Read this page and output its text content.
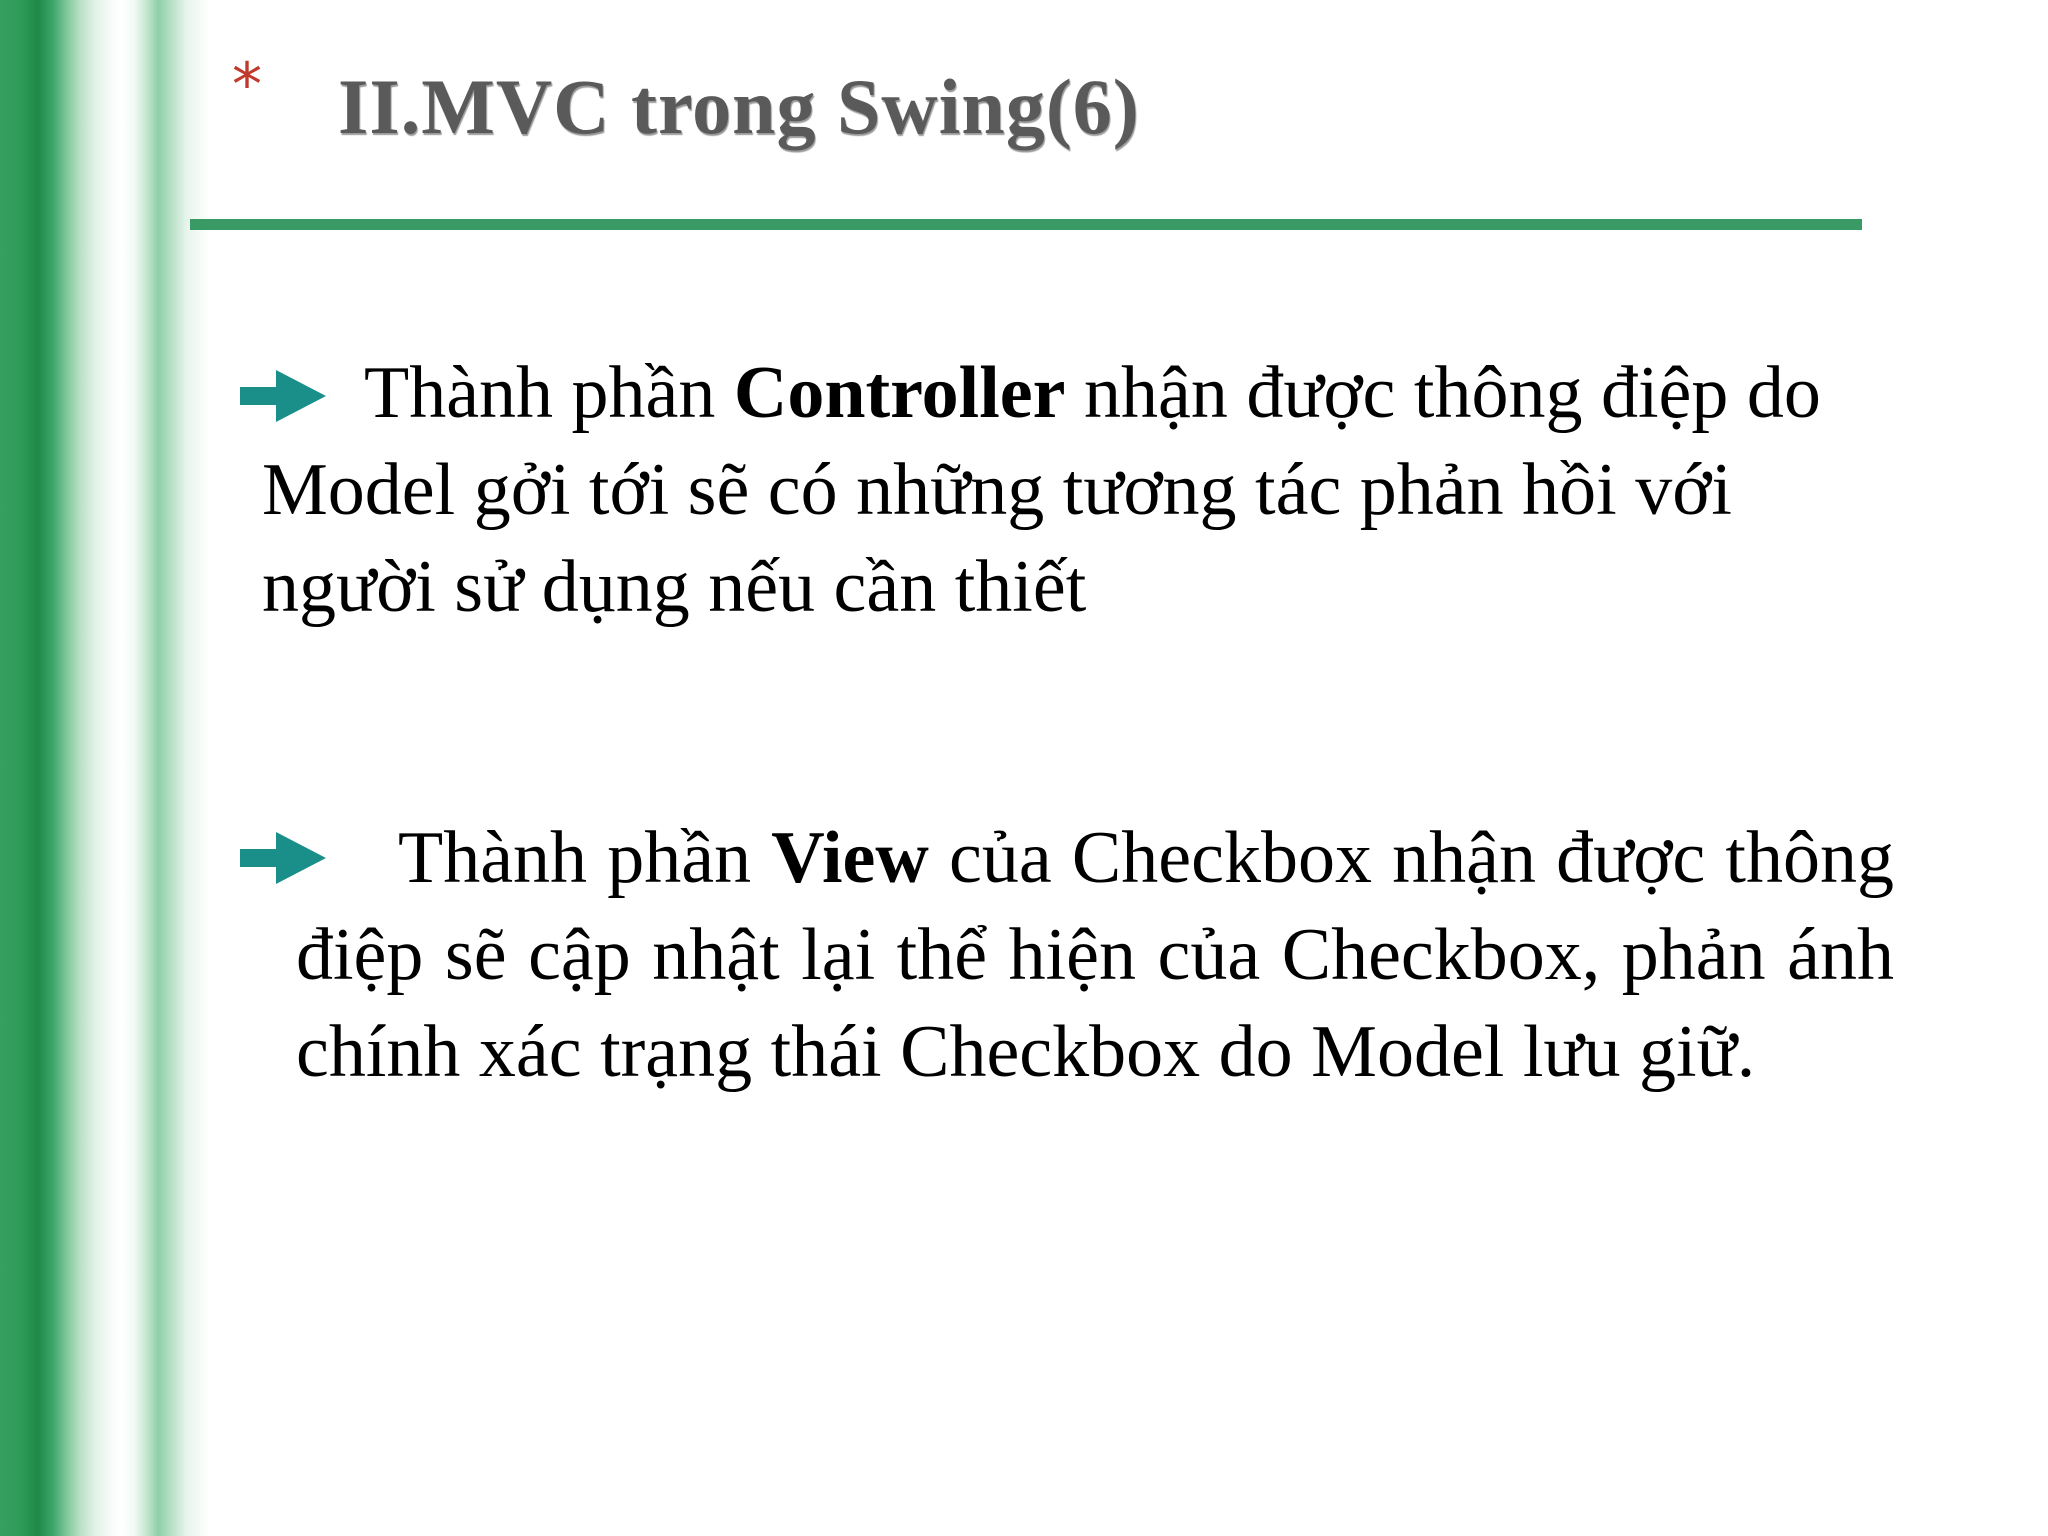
* II.MVC trong Swing(6)
Thành phần Controller nhận được thông điệp do Model gởi tới sẽ có những tương tác phản hồi với người sử dụng nếu cần thiết
Thành phần View của Checkbox nhận được thông điệp sẽ cập nhật lại thể hiện của Checkbox, phản ánh chính xác trạng thái Checkbox do Model lưu giữ.
